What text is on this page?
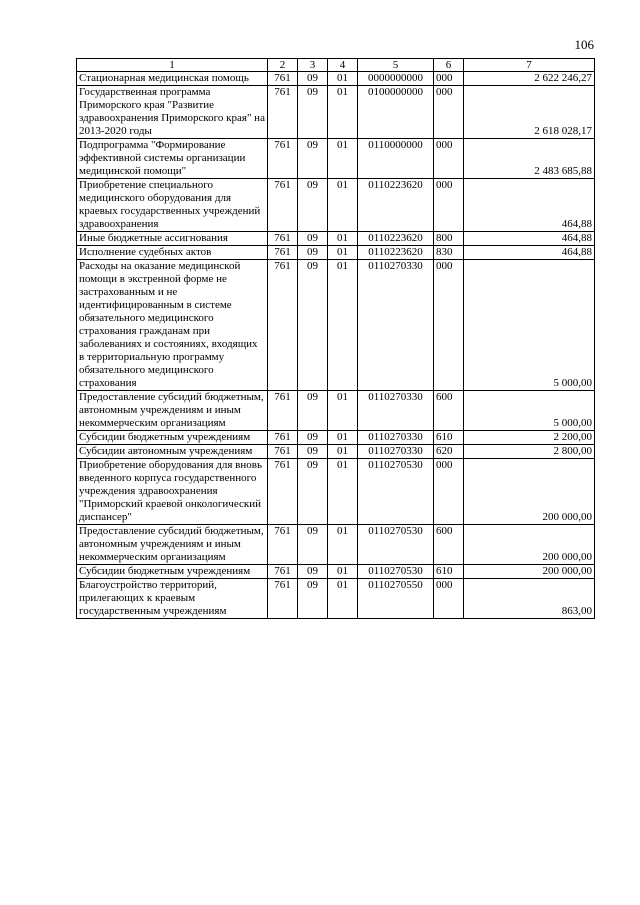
106
1	2	3	4	5	6	7
Стационарная медицинская помощь	761	09	01	0000000000	000	2 622 246,27
Государственная программа Приморского края "Развитие здравоохранения Приморского края" на 2013-2020 годы	761	09	01	0100000000	000	2 618 028,17
Подпрограмма "Формирование эффективной системы организации медицинской помощи"	761	09	01	0110000000	000	2 483 685,88
Приобретение специального медицинского оборудования для краевых государственных учреждений здравоохранения	761	09	01	0110223620	000	464,88
Иные бюджетные ассигнования	761	09	01	0110223620	800	464,88
Исполнение судебных актов	761	09	01	0110223620	830	464,88
Расходы на оказание медицинской помощи в экстренной форме не застрахованным и не идентифицированным в системе обязательного медицинского страхования гражданам при заболеваниях и состояниях, входящих в территориальную программу обязательного медицинского страхования	761	09	01	0110270330	000	5 000,00
Предоставление субсидий бюджетным, автономным учреждениям и иным некоммерческим организациям	761	09	01	0110270330	600	5 000,00
Субсидии бюджетным учреждениям	761	09	01	0110270330	610	2 200,00
Субсидии автономным учреждениям	761	09	01	0110270330	620	2 800,00
Приобретение оборудования для вновь введенного корпуса государственного учреждения здравоохранения "Приморский краевой онкологический диспансер"	761	09	01	0110270530	000	200 000,00
Предоставление субсидий бюджетным, автономным учреждениям и иным некоммерческим организациям	761	09	01	0110270530	600	200 000,00
Субсидии бюджетным учреждениям	761	09	01	0110270530	610	200 000,00
Благоустройство территорий, прилегающих к краевым государственным учреждениям	761	09	01	0110270550	000	863,00
